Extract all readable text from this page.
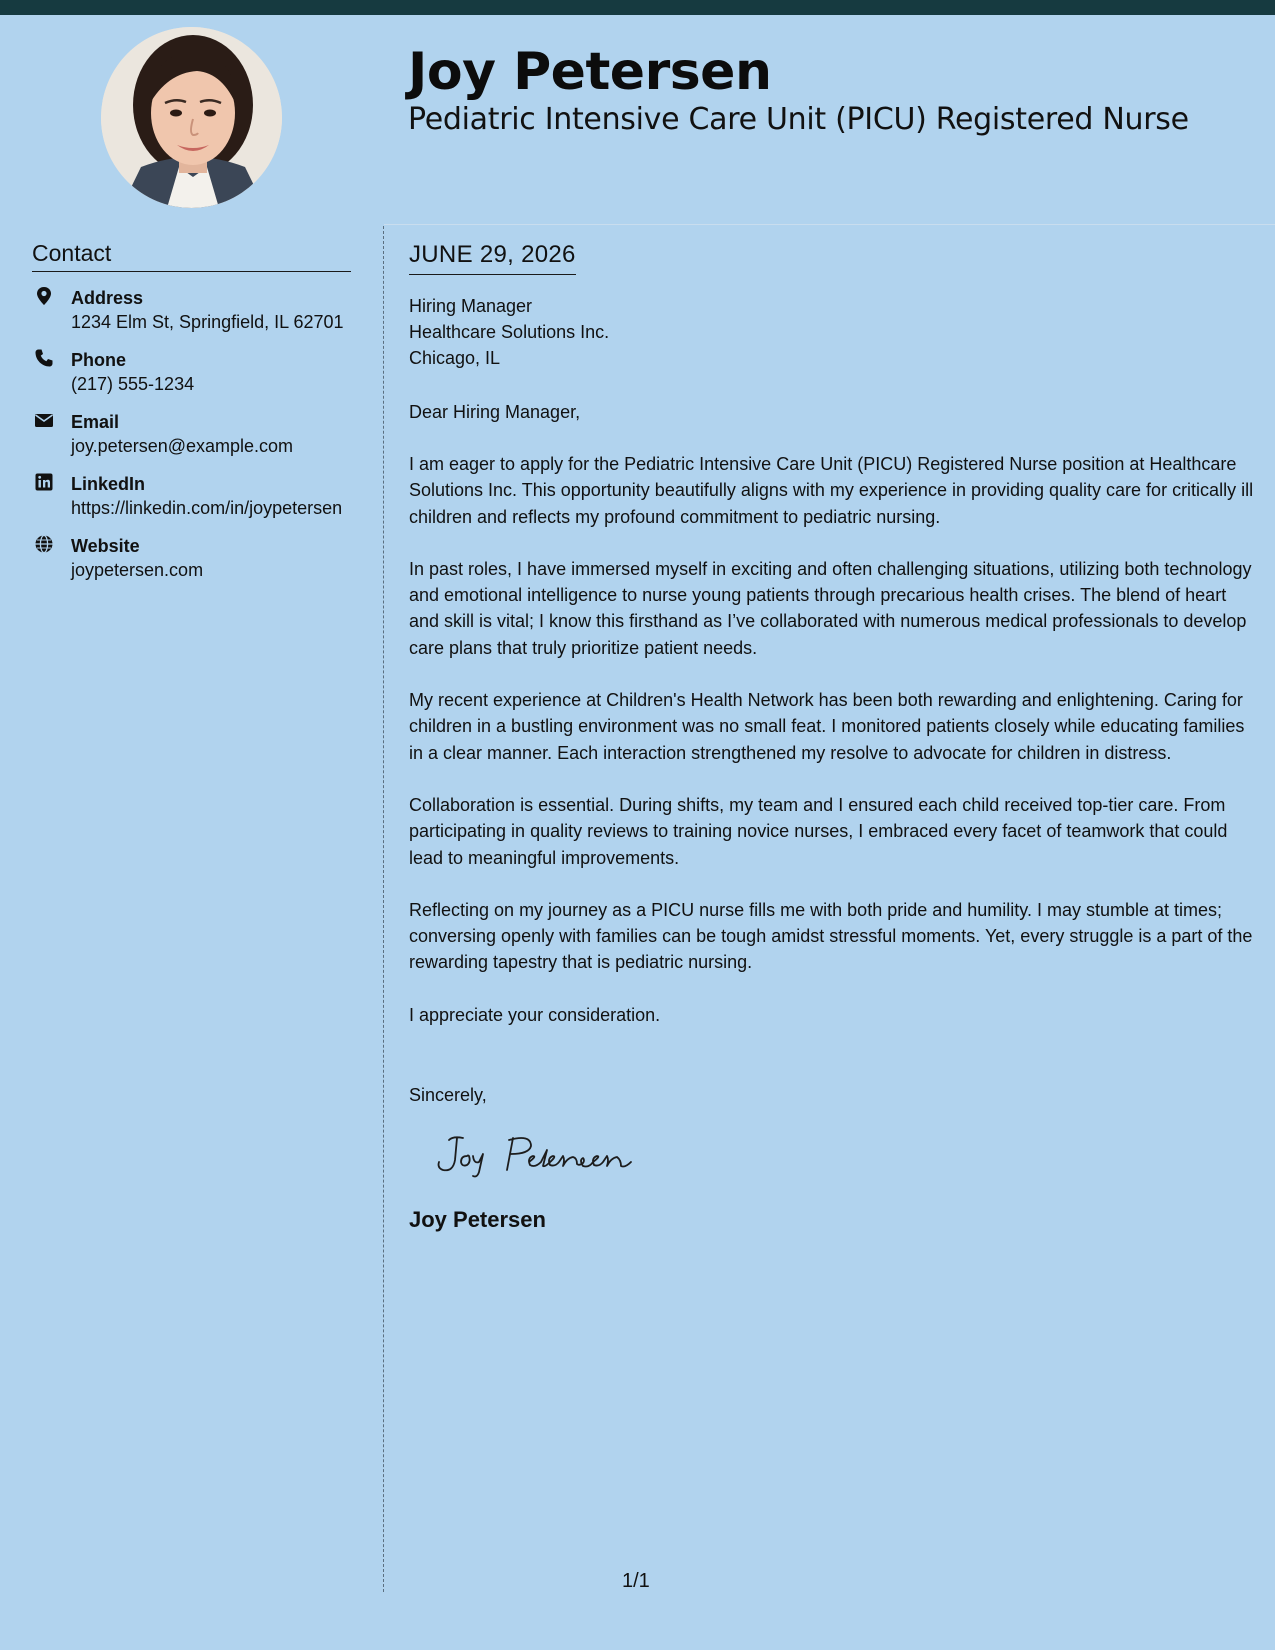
Joy Petersen
Pediatric Intensive Care Unit (PICU) Registered Nurse
Contact
Address
1234 Elm St, Springfield, IL 62701
Phone
(217) 555-1234
Email
joy.petersen@example.com
LinkedIn
https://linkedin.com/in/joypetersen
Website
joypetersen.com
JUNE 29, 2026
Hiring Manager
Healthcare Solutions Inc.
Chicago, IL
Dear Hiring Manager,

I am eager to apply for the Pediatric Intensive Care Unit (PICU) Registered Nurse position at Healthcare Solutions Inc. This opportunity beautifully aligns with my experience in providing quality care for critically ill children and reflects my profound commitment to pediatric nursing.

In past roles, I have immersed myself in exciting and often challenging situations, utilizing both technology and emotional intelligence to nurse young patients through precarious health crises. The blend of heart and skill is vital; I know this firsthand as I’ve collaborated with numerous medical professionals to develop care plans that truly prioritize patient needs.

My recent experience at Children's Health Network has been both rewarding and enlightening. Caring for children in a bustling environment was no small feat. I monitored patients closely while educating families in a clear manner. Each interaction strengthened my resolve to advocate for children in distress.

Collaboration is essential. During shifts, my team and I ensured each child received top-tier care. From participating in quality reviews to training novice nurses, I embraced every facet of teamwork that could lead to meaningful improvements.

Reflecting on my journey as a PICU nurse fills me with both pride and humility. I may stumble at times; conversing openly with families can be tough amidst stressful moments. Yet, every struggle is a part of the rewarding tapestry that is pediatric nursing.

I appreciate your consideration.

Sincerely,
Joy Petersen
1/1
